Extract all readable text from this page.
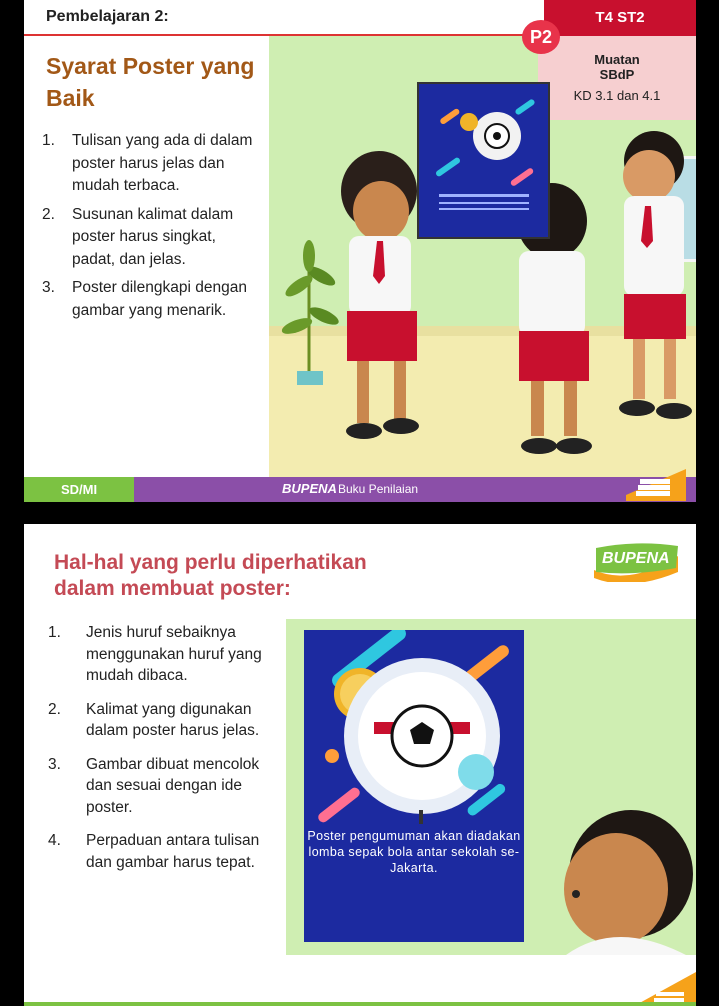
Pembelajaran 2:	T4 ST2
P2
Muatan
SBdP
KD 3.1 dan 4.1
Syarat Poster yang Baik
1. Tulisan yang ada di dalam poster harus jelas dan mudah terbaca.
2. Susunan kalimat dalam poster harus singkat, padat, dan jelas.
3. Poster dilengkapi dengan gambar yang menarik.
SD/MI	BUPENA Buku Penilaian
Hal-hal yang perlu diperhatikan dalam membuat poster:
BUPENA
1. Jenis huruf sebaiknya menggunakan huruf yang mudah dibaca.
2. Kalimat yang digunakan dalam poster harus jelas.
3. Gambar dibuat mencolok dan sesuai dengan ide poster.
4. Perpaduan antara tulisan dan gambar harus tepat.
Poster pengumuman akan diadakan lomba sepak bola antar sekolah se-Jakarta.
